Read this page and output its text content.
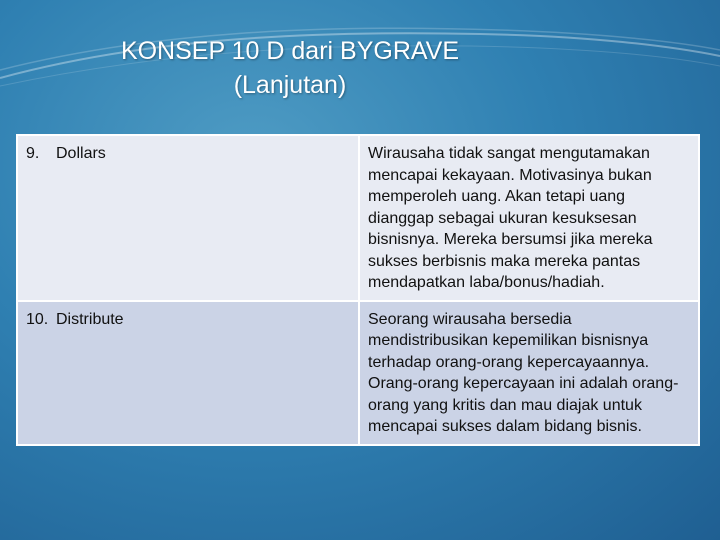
KONSEP 10 D dari BYGRAVE
(Lanjutan)
9. Dollars	Wirausaha tidak sangat mengutamakan mencapai kekayaan. Motivasinya bukan memperoleh uang. Akan tetapi uang dianggap sebagai ukuran kesuksesan bisnisnya. Mereka bersumsi jika mereka sukses berbisnis maka mereka pantas mendapatkan laba/bonus/hadiah.
10. Distribute	Seorang wirausaha bersedia mendistribusikan kepemilikan bisnisnya terhadap orang-orang kepercayaannya. Orang-orang kepercayaan ini adalah orang-orang yang kritis dan mau diajak untuk mencapai sukses dalam bidang bisnis.
